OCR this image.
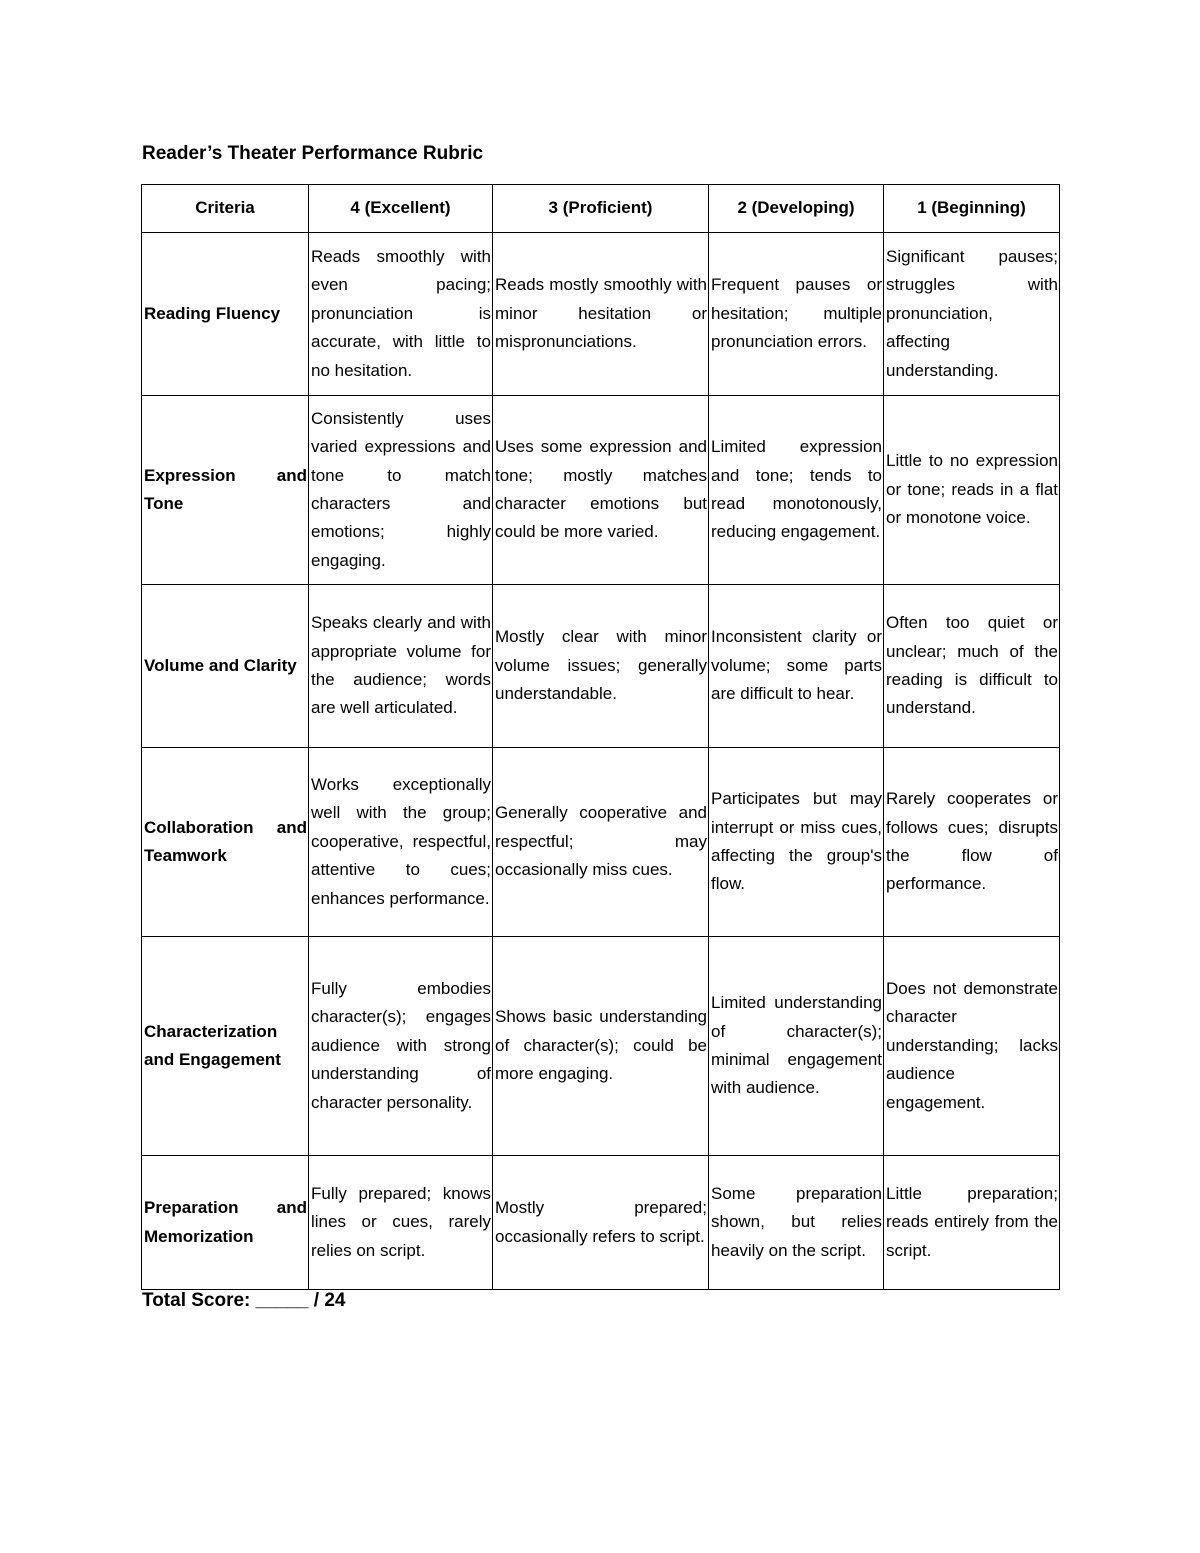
Reader’s Theater Performance Rubric
Criteria	4 (Excellent)	3 (Proficient)	2 (Developing)	1 (Beginning)
Reading Fluency	Reads smoothly with even pacing; pronunciation is accurate, with little to no hesitation.	Reads mostly smoothly with minor hesitation or mispronunciations.	Frequent pauses or hesitation; multiple pronunciation errors.	Significant pauses; struggles with pronunciation, affecting understanding.
Expression and Tone	Consistently uses varied expressions and tone to match characters and emotions; highly engaging.	Uses some expression and tone; mostly matches character emotions but could be more varied.	Limited expression and tone; tends to read monotonously, reducing engagement.	Little to no expression or tone; reads in a flat or monotone voice.
Volume and Clarity	Speaks clearly and with appropriate volume for the audience; words are well articulated.	Mostly clear with minor volume issues; generally understandable.	Inconsistent clarity or volume; some parts are difficult to hear.	Often too quiet or unclear; much of the reading is difficult to understand.
Collaboration and Teamwork	Works exceptionally well with the group; cooperative, respectful, attentive to cues; enhances performance.	Generally cooperative and respectful; may occasionally miss cues.	Participates but may interrupt or miss cues, affecting the group's flow.	Rarely cooperates or follows cues; disrupts the flow of performance.
Characterization and Engagement	Fully embodies character(s); engages audience with strong understanding of character personality.	Shows basic understanding of character(s); could be more engaging.	Limited understanding of character(s); minimal engagement with audience.	Does not demonstrate character understanding; lacks audience engagement.
Preparation and Memorization	Fully prepared; knows lines or cues, rarely relies on script.	Mostly prepared; occasionally refers to script.	Some preparation shown, but relies heavily on the script.	Little preparation; reads entirely from the script.
Total Score: _____ / 24
